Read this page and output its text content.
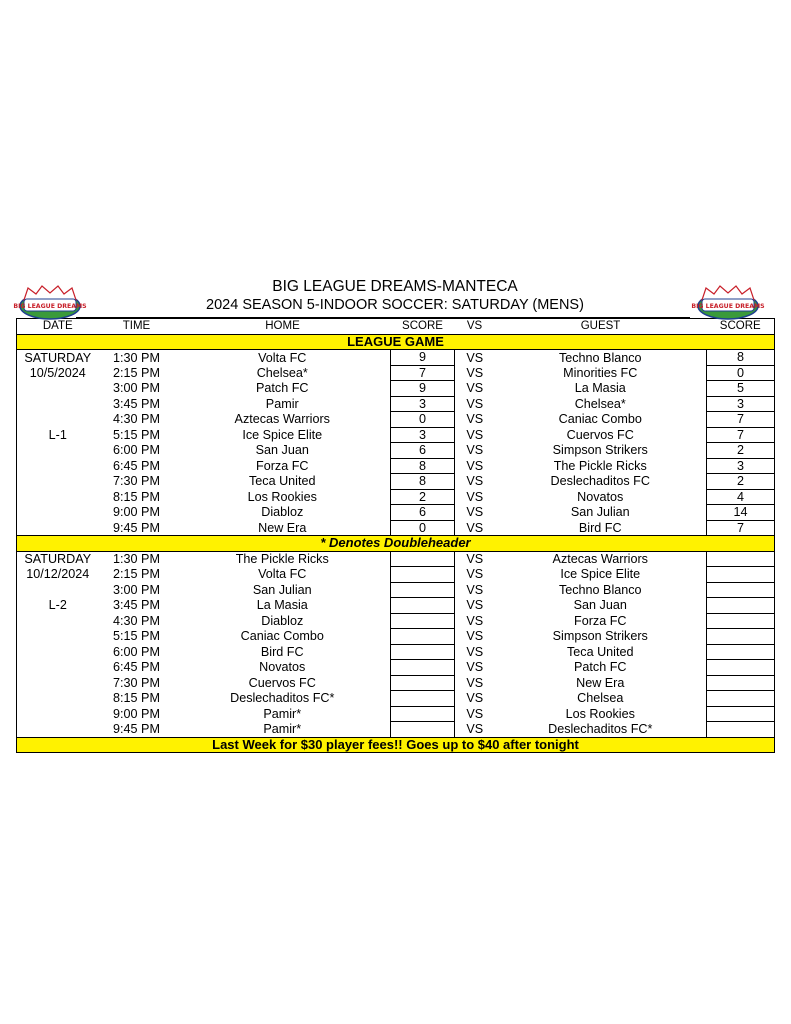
BIG LEAGUE DREAMS
BIG LEAGUE DREAMS-MANTECA
2024 SEASON 5-INDOOR SOCCER: SATURDAY (MENS)	BIG LEAGUE DREAMS
DATE	TIME	HOME	SCORE	VS	GUEST	SCORE
LEAGUE GAME						
SATURDAY	1:30 PM	Volta FC	9	VS	Techno Blanco	8
10/5/2024	2:15 PM	Chelsea*	7	VS	Minorities FC	0
	3:00 PM	Patch FC	9	VS	La Masia	5
	3:45 PM	Pamir	3	VS	Chelsea*	3
	4:30 PM	Aztecas Warriors	0	VS	Caniac Combo	7
L-1	5:15 PM	Ice Spice Elite	3	VS	Cuervos FC	7
	6:00 PM	San Juan	6	VS	Simpson Strikers	2
	6:45 PM	Forza FC	8	VS	The Pickle Ricks	3
	7:30 PM	Teca United	8	VS	Deslechaditos FC	2
	8:15 PM	Los Rookies	2	VS	Novatos	4
	9:00 PM	Diabloz	6	VS	San Julian	14
	9:45 PM	New Era	0	VS	Bird FC	7
* Denotes Doubleheader						
SATURDAY	1:30 PM	The Pickle Ricks		VS	Aztecas Warriors	
10/12/2024	2:15 PM	Volta FC		VS	Ice Spice Elite	
	3:00 PM	San Julian		VS	Techno Blanco	
L-2	3:45 PM	La Masia		VS	San Juan	
	4:30 PM	Diabloz		VS	Forza FC	
	5:15 PM	Caniac Combo		VS	Simpson Strikers	
	6:00 PM	Bird FC		VS	Teca United	
	6:45 PM	Novatos		VS	Patch FC	
	7:30 PM	Cuervos FC		VS	New Era	
	8:15 PM	Deslechaditos FC*		VS	Chelsea	
	9:00 PM	Pamir*		VS	Los Rookies	
	9:45 PM	Pamir*		VS	Deslechaditos FC*	
Last Week for $30 player fees!! Goes up to $40 after tonight						
